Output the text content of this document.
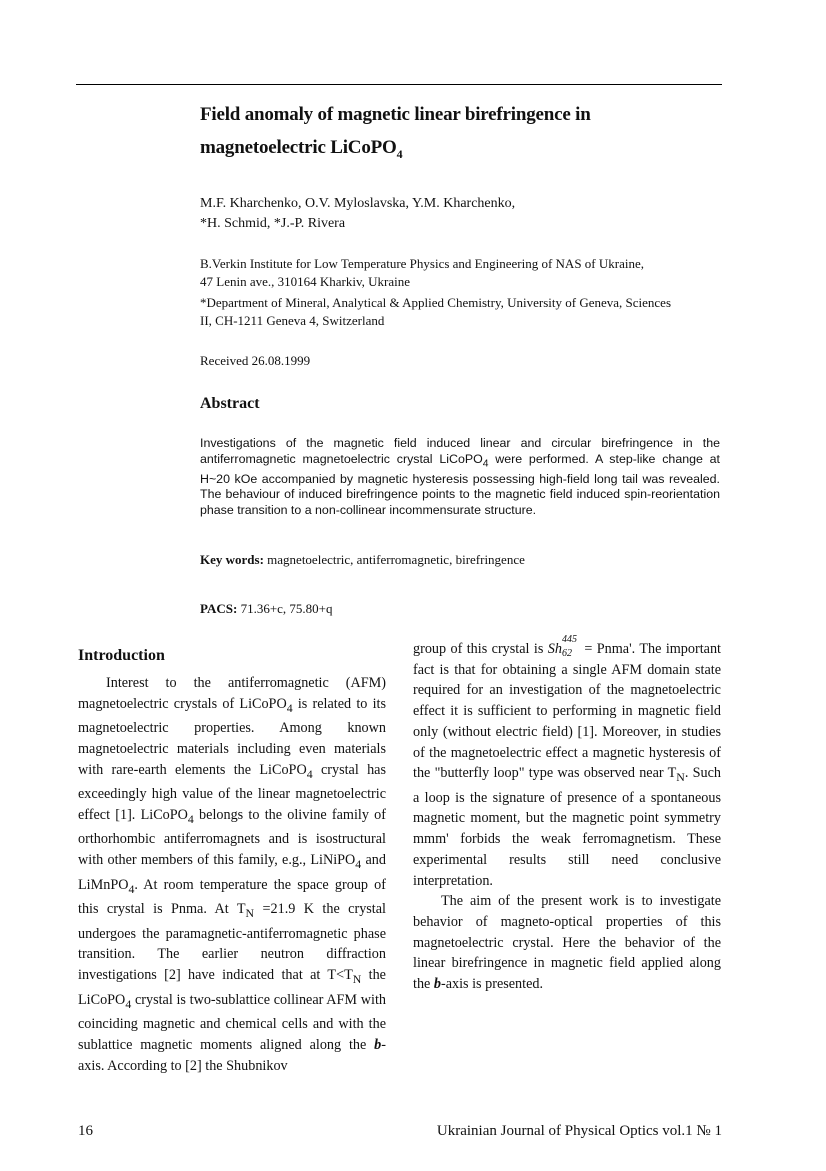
Field anomaly of magnetic linear birefringence in
magnetoelectric LiCoPO$_4$
M.F. Kharchenko, O.V. Myloslavska, Y.M. Kharchenko,
*H. Schmid, *J.-P. Rivera
B.Verkin Institute for Low Temperature Physics and Engineering of NAS of Ukraine,
47 Lenin ave., 310164 Kharkiv, Ukraine
*Department of Mineral, Analytical & Applied Chemistry, University of Geneva, Sciences
II, CH-1211 Geneva 4, Switzerland
Received 26.08.1999
Abstract
Investigations of the magnetic field induced linear and circular birefringence in the antiferromagnetic magnetoelectric crystal LiCoPO$_4$ were performed. A step-like change at H~20 kOe accompanied by magnetic hysteresis possessing high-field long tail was revealed. The behaviour of induced birefringence points to the magnetic field induced spin-reorientation phase transition to a non-collinear incommensurate structure.
Key words: magnetoelectric, antiferromagnetic, birefringence
PACS: 71.36+c, 75.80+q
Introduction

Interest to the antiferromagnetic (AFM) magnetoelectric crystals of LiCoPO$_4$ is related to its magnetoelectric properties. Among known magnetoelectric materials including even materials with rare-earth elements the LiCoPO$_4$ crystal has exceedingly high value of the linear magnetoelectric effect [1]. LiCoPO$_4$ belongs to the olivine family of orthorhombic antiferromagnets and is isostructural with other members of this family, e.g., LiNiPO$_4$ and LiMnPO$_4$. At room temperature the space group of this crystal is Pnma. At $T_N =21.9$ K the crystal undergoes the paramagnetic-antiferromagnetic phase transition. The earlier neutron diffraction investigations [2] have indicated that at $T<T_N$ the LiCoPO$_4$ crystal is two-sublattice collinear AFM with coinciding magnetic and chemical cells and with the sublattice magnetic moments aligned along the b-axis. According to [2] the Shubnikov

group of this crystal is Sh
445
62 = Pnma'. The important fact is that for obtaining a single AFM domain state required for an investigation of the magnetoelectric effect it is sufficient to performing in magnetic field only (without electric field) [1]. Moreover, in studies of the magnetoelectric effect a magnetic hysteresis of the "butterfly loop" type was observed near $T_N$. Such a loop is the signature of presence of a spontaneous magnetic moment, but the magnetic point symmetry mmm' forbids the weak ferromagnetism. These experimental results still need conclusive interpretation.

The aim of the present work is to investigate behavior of magneto-optical properties of this magnetoelectric crystal. Here the behavior of the linear birefringence in magnetic field applied along the b-axis is presented.

16	Ukrainian Journal of Physical Optics vol.1 № 1
